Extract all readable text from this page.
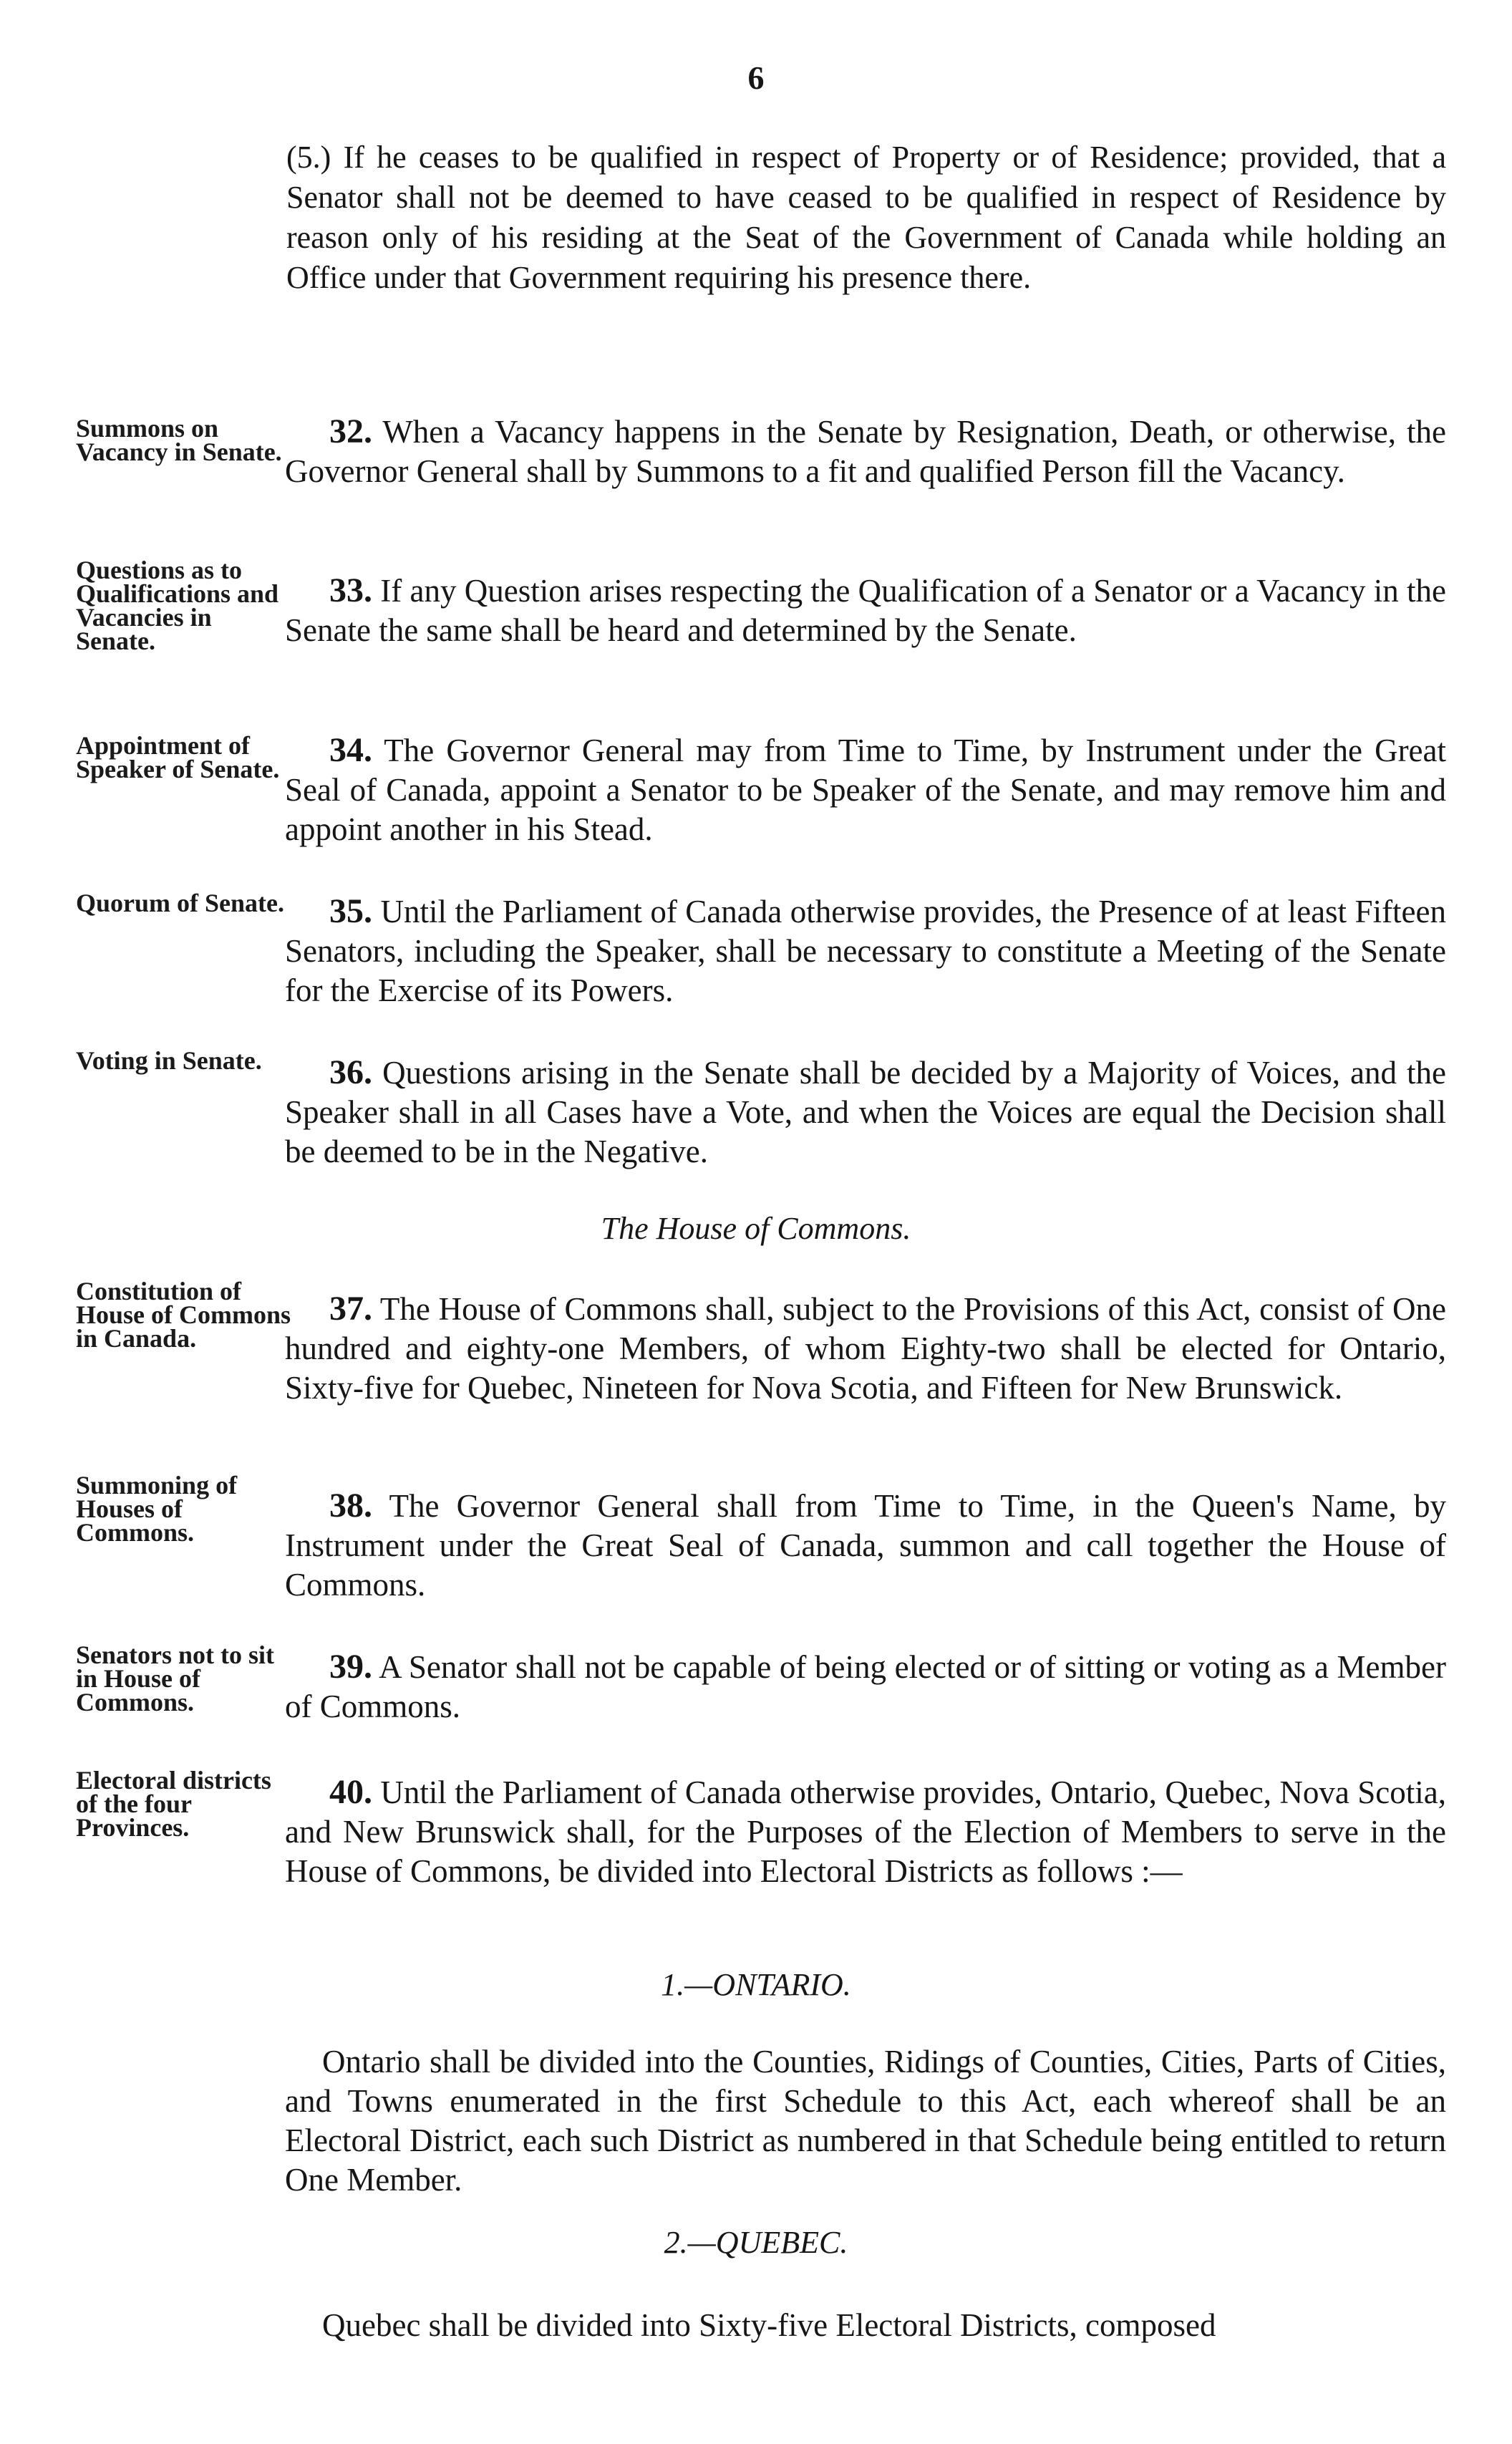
6
(5.) If he ceases to be qualified in respect of Property or of Residence; provided, that a Senator shall not be deemed to have ceased to be qualified in respect of Residence by reason only of his residing at the Seat of the Government of Canada while holding an Office under that Government requiring his presence there.
Summons on Vacancy in Senate.
32. When a Vacancy happens in the Senate by Resignation, Death, or otherwise, the Governor General shall by Summons to a fit and qualified Person fill the Vacancy.
Questions as to Qualifications and Vacancies in Senate.
33. If any Question arises respecting the Qualification of a Senator or a Vacancy in the Senate the same shall be heard and determined by the Senate.
Appointment of Speaker of Senate.	34. The Governor General may from Time to Time, by Instrument under the Great Seal of Canada, appoint a Senator to be Speaker of the Senate, and may remove him and appoint another in his Stead.
Quorum of Senate.	35. Until the Parliament of Canada otherwise provides, the Presence of at least Fifteen Senators, including the Speaker, shall be necessary to constitute a Meeting of the Senate for the Exercise of its Powers.
Voting in Senate.	36. Questions arising in the Senate shall be decided by a Majority of Voices, and the Speaker shall in all Cases have a Vote, and when the Voices are equal the Decision shall be deemed to be in the Negative.
The House of Commons.
Constitution of House of Commons in Canada.
37. The House of Commons shall, subject to the Provisions of this Act, consist of One hundred and eighty-one Members, of whom Eighty-two shall be elected for Ontario, Sixty-five for Quebec, Nineteen for Nova Scotia, and Fifteen for New Brunswick.
Summoning of Houses of Commons.
38. The Governor General shall from Time to Time, in the Queen's Name, by Instrument under the Great Seal of Canada, summon and call together the House of Commons.
Senators not to sit in House of Commons.
39. A Senator shall not be capable of being elected or of sitting or voting as a Member of Commons.
Electoral districts of the four Provinces.
40. Until the Parliament of Canada otherwise provides, Ontario, Quebec, Nova Scotia, and New Brunswick shall, for the Purposes of the Election of Members to serve in the House of Commons, be divided into Electoral Districts as follows :—
1.—ONTARIO.
Ontario shall be divided into the Counties, Ridings of Counties, Cities, Parts of Cities, and Towns enumerated in the first Schedule to this Act, each whereof shall be an Electoral District, each such District as numbered in that Schedule being entitled to return One Member.
2.—QUEBEC.
Quebec shall be divided into Sixty-five Electoral Districts, composed
